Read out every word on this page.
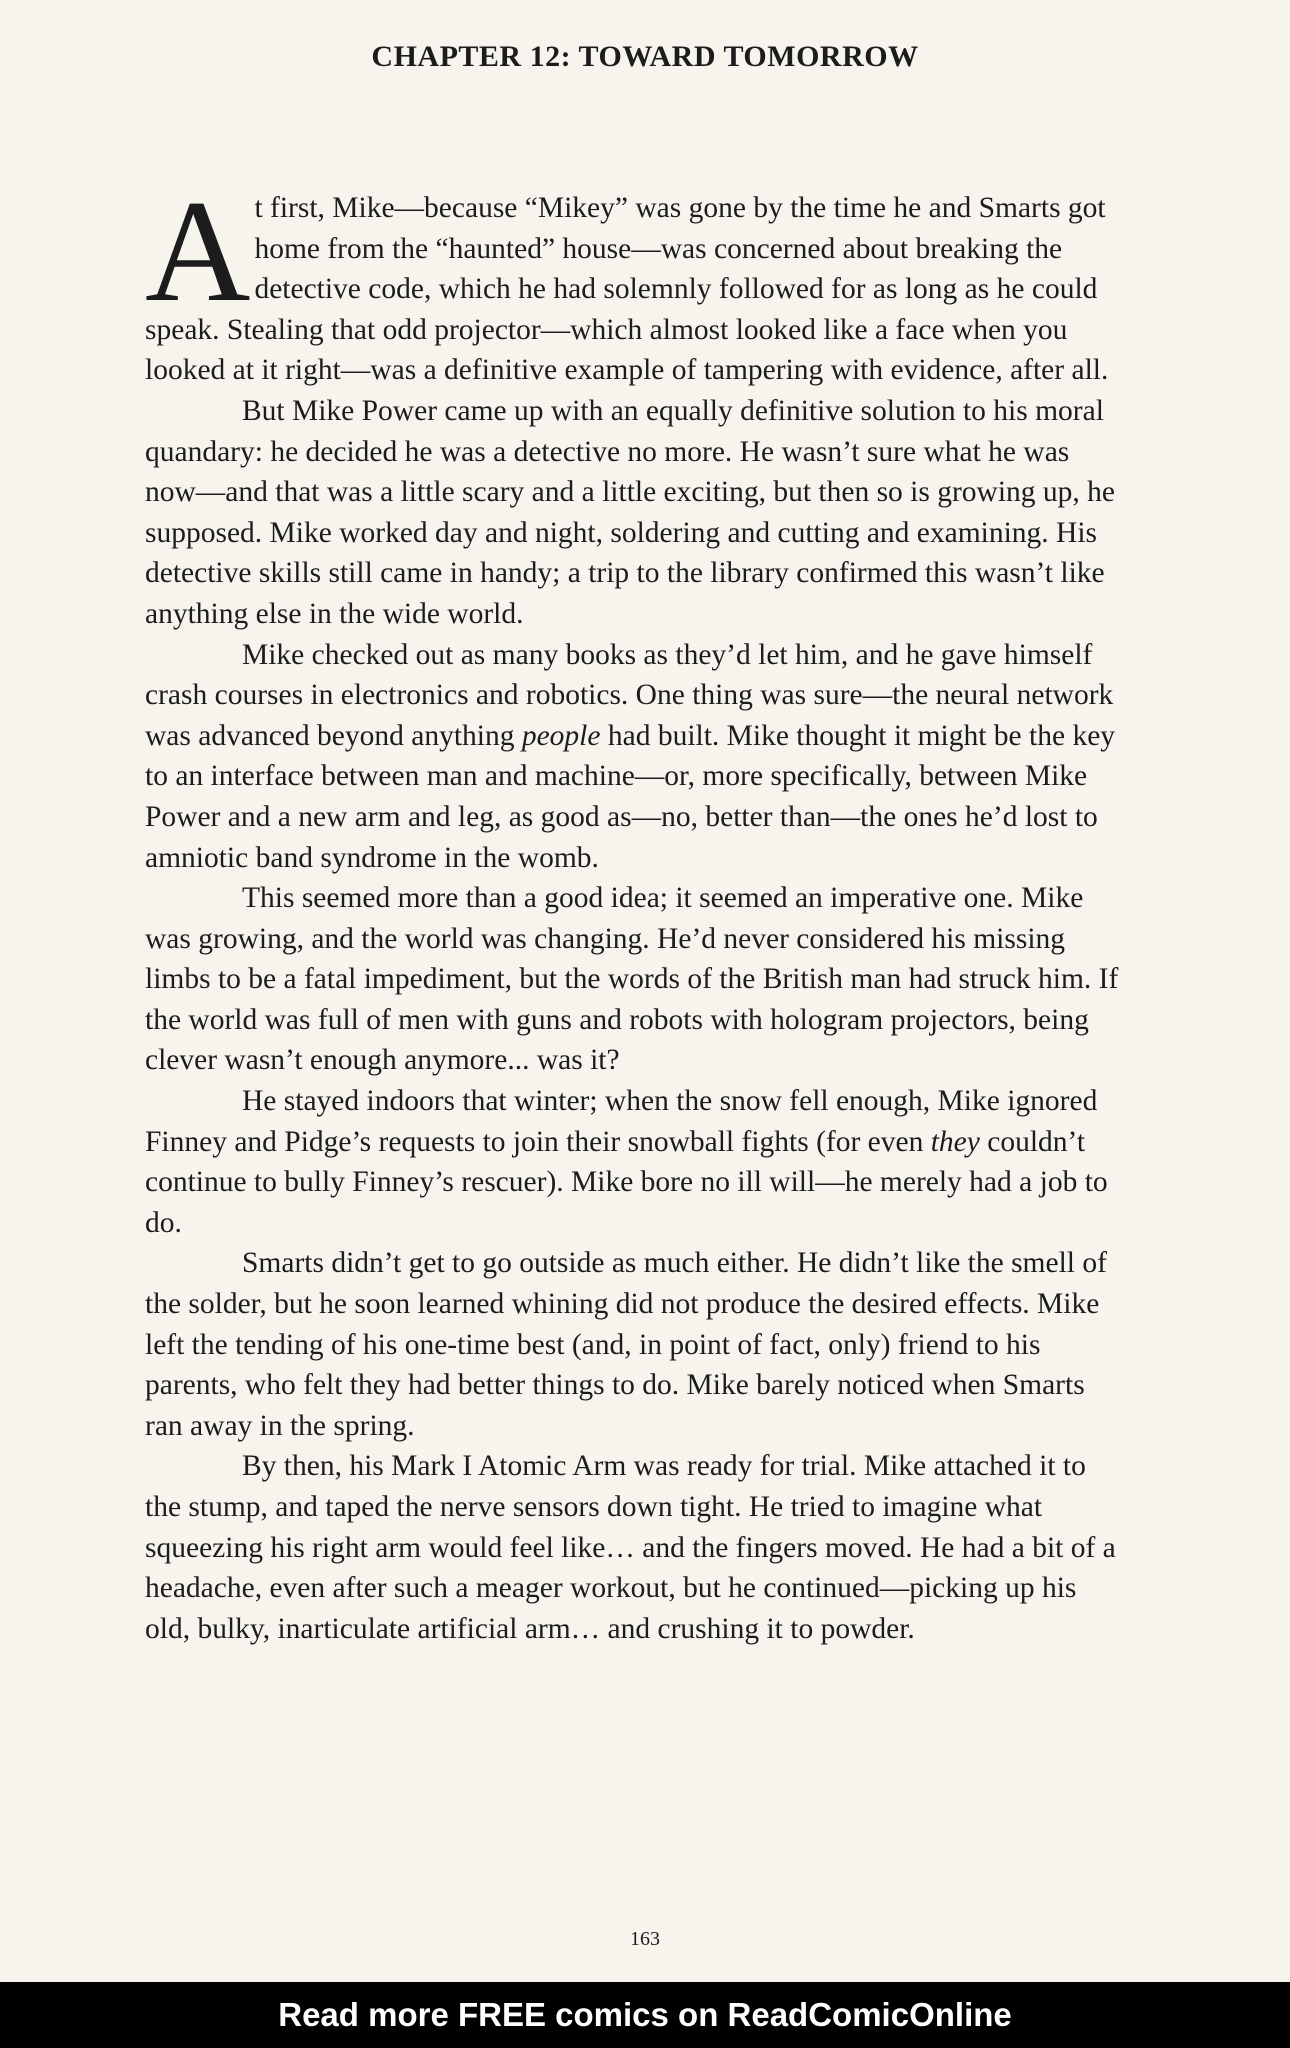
CHAPTER 12: TOWARD TOMORROW

At first, Mike—because “Mikey” was gone by the time he and Smarts got home from the “haunted” house—was concerned about breaking the detective code, which he had solemnly followed for as long as he could speak. Stealing that odd projector—which almost looked like a face when you looked at it right—was a definitive example of tampering with evidence, after all.

But Mike Power came up with an equally definitive solution to his moral quandary: he decided he was a detective no more. He wasn’t sure what he was now—and that was a little scary and a little exciting, but then so is growing up, he supposed. Mike worked day and night, soldering and cutting and examining. His detective skills still came in handy; a trip to the library confirmed this wasn’t like anything else in the wide world.

Mike checked out as many books as they’d let him, and he gave himself crash courses in electronics and robotics. One thing was sure—the neural network was advanced beyond anything people had built. Mike thought it might be the key to an interface between man and machine—or, more specifically, between Mike Power and a new arm and leg, as good as—no, better than—the ones he’d lost to amniotic band syndrome in the womb.

This seemed more than a good idea; it seemed an imperative one. Mike was growing, and the world was changing. He’d never considered his missing limbs to be a fatal impediment, but the words of the British man had struck him. If the world was full of men with guns and robots with hologram projectors, being clever wasn’t enough anymore... was it?

He stayed indoors that winter; when the snow fell enough, Mike ignored Finney and Pidge’s requests to join their snowball fights (for even they couldn’t continue to bully Finney’s rescuer). Mike bore no ill will—he merely had a job to do.

Smarts didn’t get to go outside as much either. He didn’t like the smell of the solder, but he soon learned whining did not produce the desired effects. Mike left the tending of his one-time best (and, in point of fact, only) friend to his parents, who felt they had better things to do. Mike barely noticed when Smarts ran away in the spring.

By then, his Mark I Atomic Arm was ready for trial. Mike attached it to the stump, and taped the nerve sensors down tight. He tried to imagine what squeezing his right arm would feel like… and the fingers moved. He had a bit of a headache, even after such a meager workout, but he continued—picking up his old, bulky, inarticulate artificial arm… and crushing it to powder.

163
Read more FREE comics on ReadComicOnline
